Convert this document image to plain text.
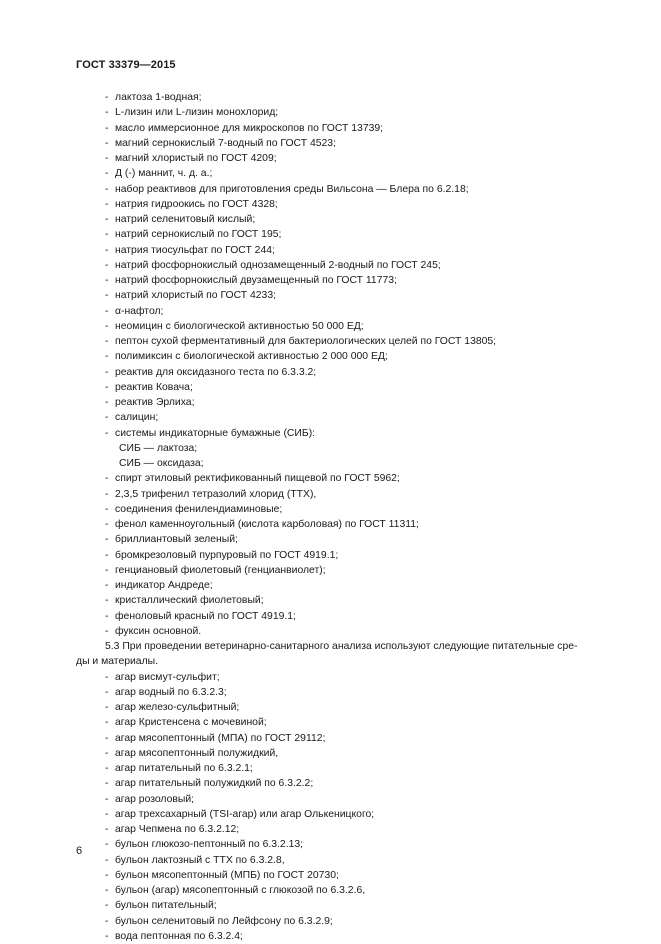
ГОСТ 33379—2015
- лактоза 1-водная;
- L-лизин или L-лизин монохлорид;
- масло иммерсионное для микроскопов по ГОСТ 13739;
- магний сернокислый 7-водный по ГОСТ 4523;
- магний хлористый по ГОСТ 4209;
- Д (-) маннит, ч. д. а.;
- набор реактивов для приготовления среды Вильсона — Блера по 6.2.18;
- натрия гидроокись по ГОСТ 4328;
- натрий селенитовый кислый;
- натрий сернокислый по ГОСТ 195;
- натрия тиосульфат по ГОСТ 244;
- натрий фосфорнокислый однозамещенный 2-водный по ГОСТ 245;
- натрий фосфорнокислый двузамещенный по ГОСТ 11773;
- натрий хлористый по ГОСТ 4233;
- α-нафтол;
- неомицин с биологической активностью 50 000 ЕД;
- пептон сухой ферментативный для бактериологических целей по ГОСТ 13805;
- полимиксин с биологической активностью 2 000 000 ЕД;
- реактив для оксидазного теста по 6.3.3.2;
- реактив Ковача;
- реактив Эрлиха;
- салицин;
- системы индикаторные бумажные (СИБ):
СИБ — лактоза;
СИБ — оксидаза;
- спирт этиловый ректификованный пищевой по ГОСТ 5962;
- 2,3,5 трифенил тетразолий хлорид (ТТХ),
- соединения фенилендиаминовые;
- фенол каменноугольный (кислота карболовая) по ГОСТ 11311;
- бриллиантовый зеленый;
- бромкрезоловый пурпуровый по ГОСТ 4919.1;
- генциановый фиолетовый (генцианвиолет);
- индикатор Андреде;
- кристаллический фиолетовый;
- феноловый красный по ГОСТ 4919.1;
- фуксин основной.
5.3 При проведении ветеринарно-санитарного анализа используют следующие питательные сре-
ды и материалы.
- агар висмут-сульфит;
- агар водный по 6.3.2.3;
- агар железо-сульфитный;
- агар Кристенсена с мочевиной;
- агар мясопептонный (МПА) по ГОСТ 29112;
- агар мясопептонный полужидкий,
- агар питательный по 6.3.2.1;
- агар питательный полужидкий по 6.3.2.2;
- агар розоловый;
- агар трехсахарный (TSI-агар) или агар Олькеницкого;
- агар Чепмена по 6.3.2.12;
- бульон глюкозо-пептонный по 6.3.2.13;
- бульон лактозный с ТТХ по 6.3.2.8,
- бульон мясопептонный (МПБ) по ГОСТ 20730;
- бульон (агар) мясопептонный с глюкозой по 6.3.2.6,
- бульон питательный;
- бульон селенитовый по Лейфсону по 6.3.2.9;
- вода пептонная по 6.3.2.4;
6
